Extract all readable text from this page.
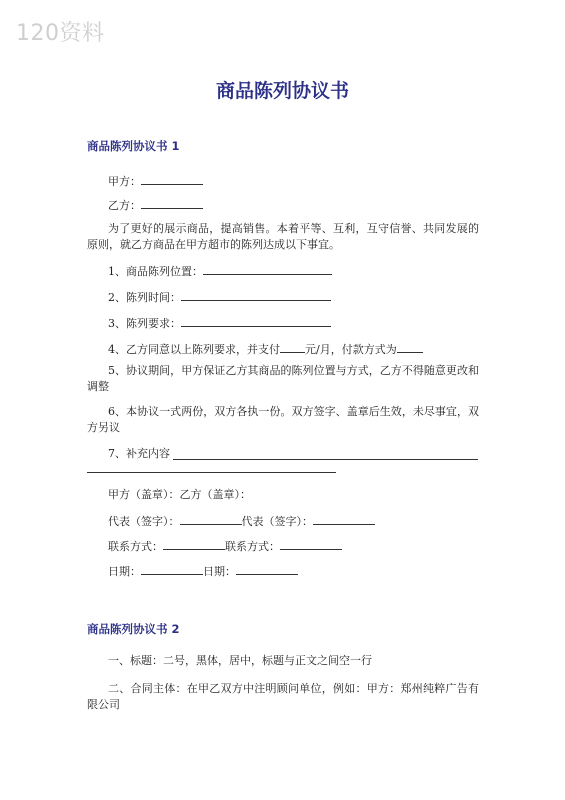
120资料
商品陈列协议书
商品陈列协议书 1
甲方：
乙方：
为了更好的展示商品，提高销售。本着平等、互利，互守信誉、共同发展的 原则，就乙方商品在甲方超市的陈列达成以下事宜。
1、商品陈列位置：
2、陈列时间：
3、陈列要求：
4、乙方同意以上陈列要求，并支付 元/月，付款方式为
5、协议期间，甲方保证乙方其商品的陈列位置与方式，乙方不得随意更改和调整
6、本协议一式两份，双方各执一份。双方签字、盖章后生效，未尽事宜，双方另议
7、补充内容
甲方（盖章）：乙方（盖章）：
代表（签字）：	代表（签字）：
联系方式：	联系方式：
日期：	日期：
商品陈列协议书 2
一、标题：二号，黑体，居中，标题与正文之间空一行
二、合同主体：在甲乙双方中注明顾问单位，例如：甲方：郑州纯粹广告有限公司
